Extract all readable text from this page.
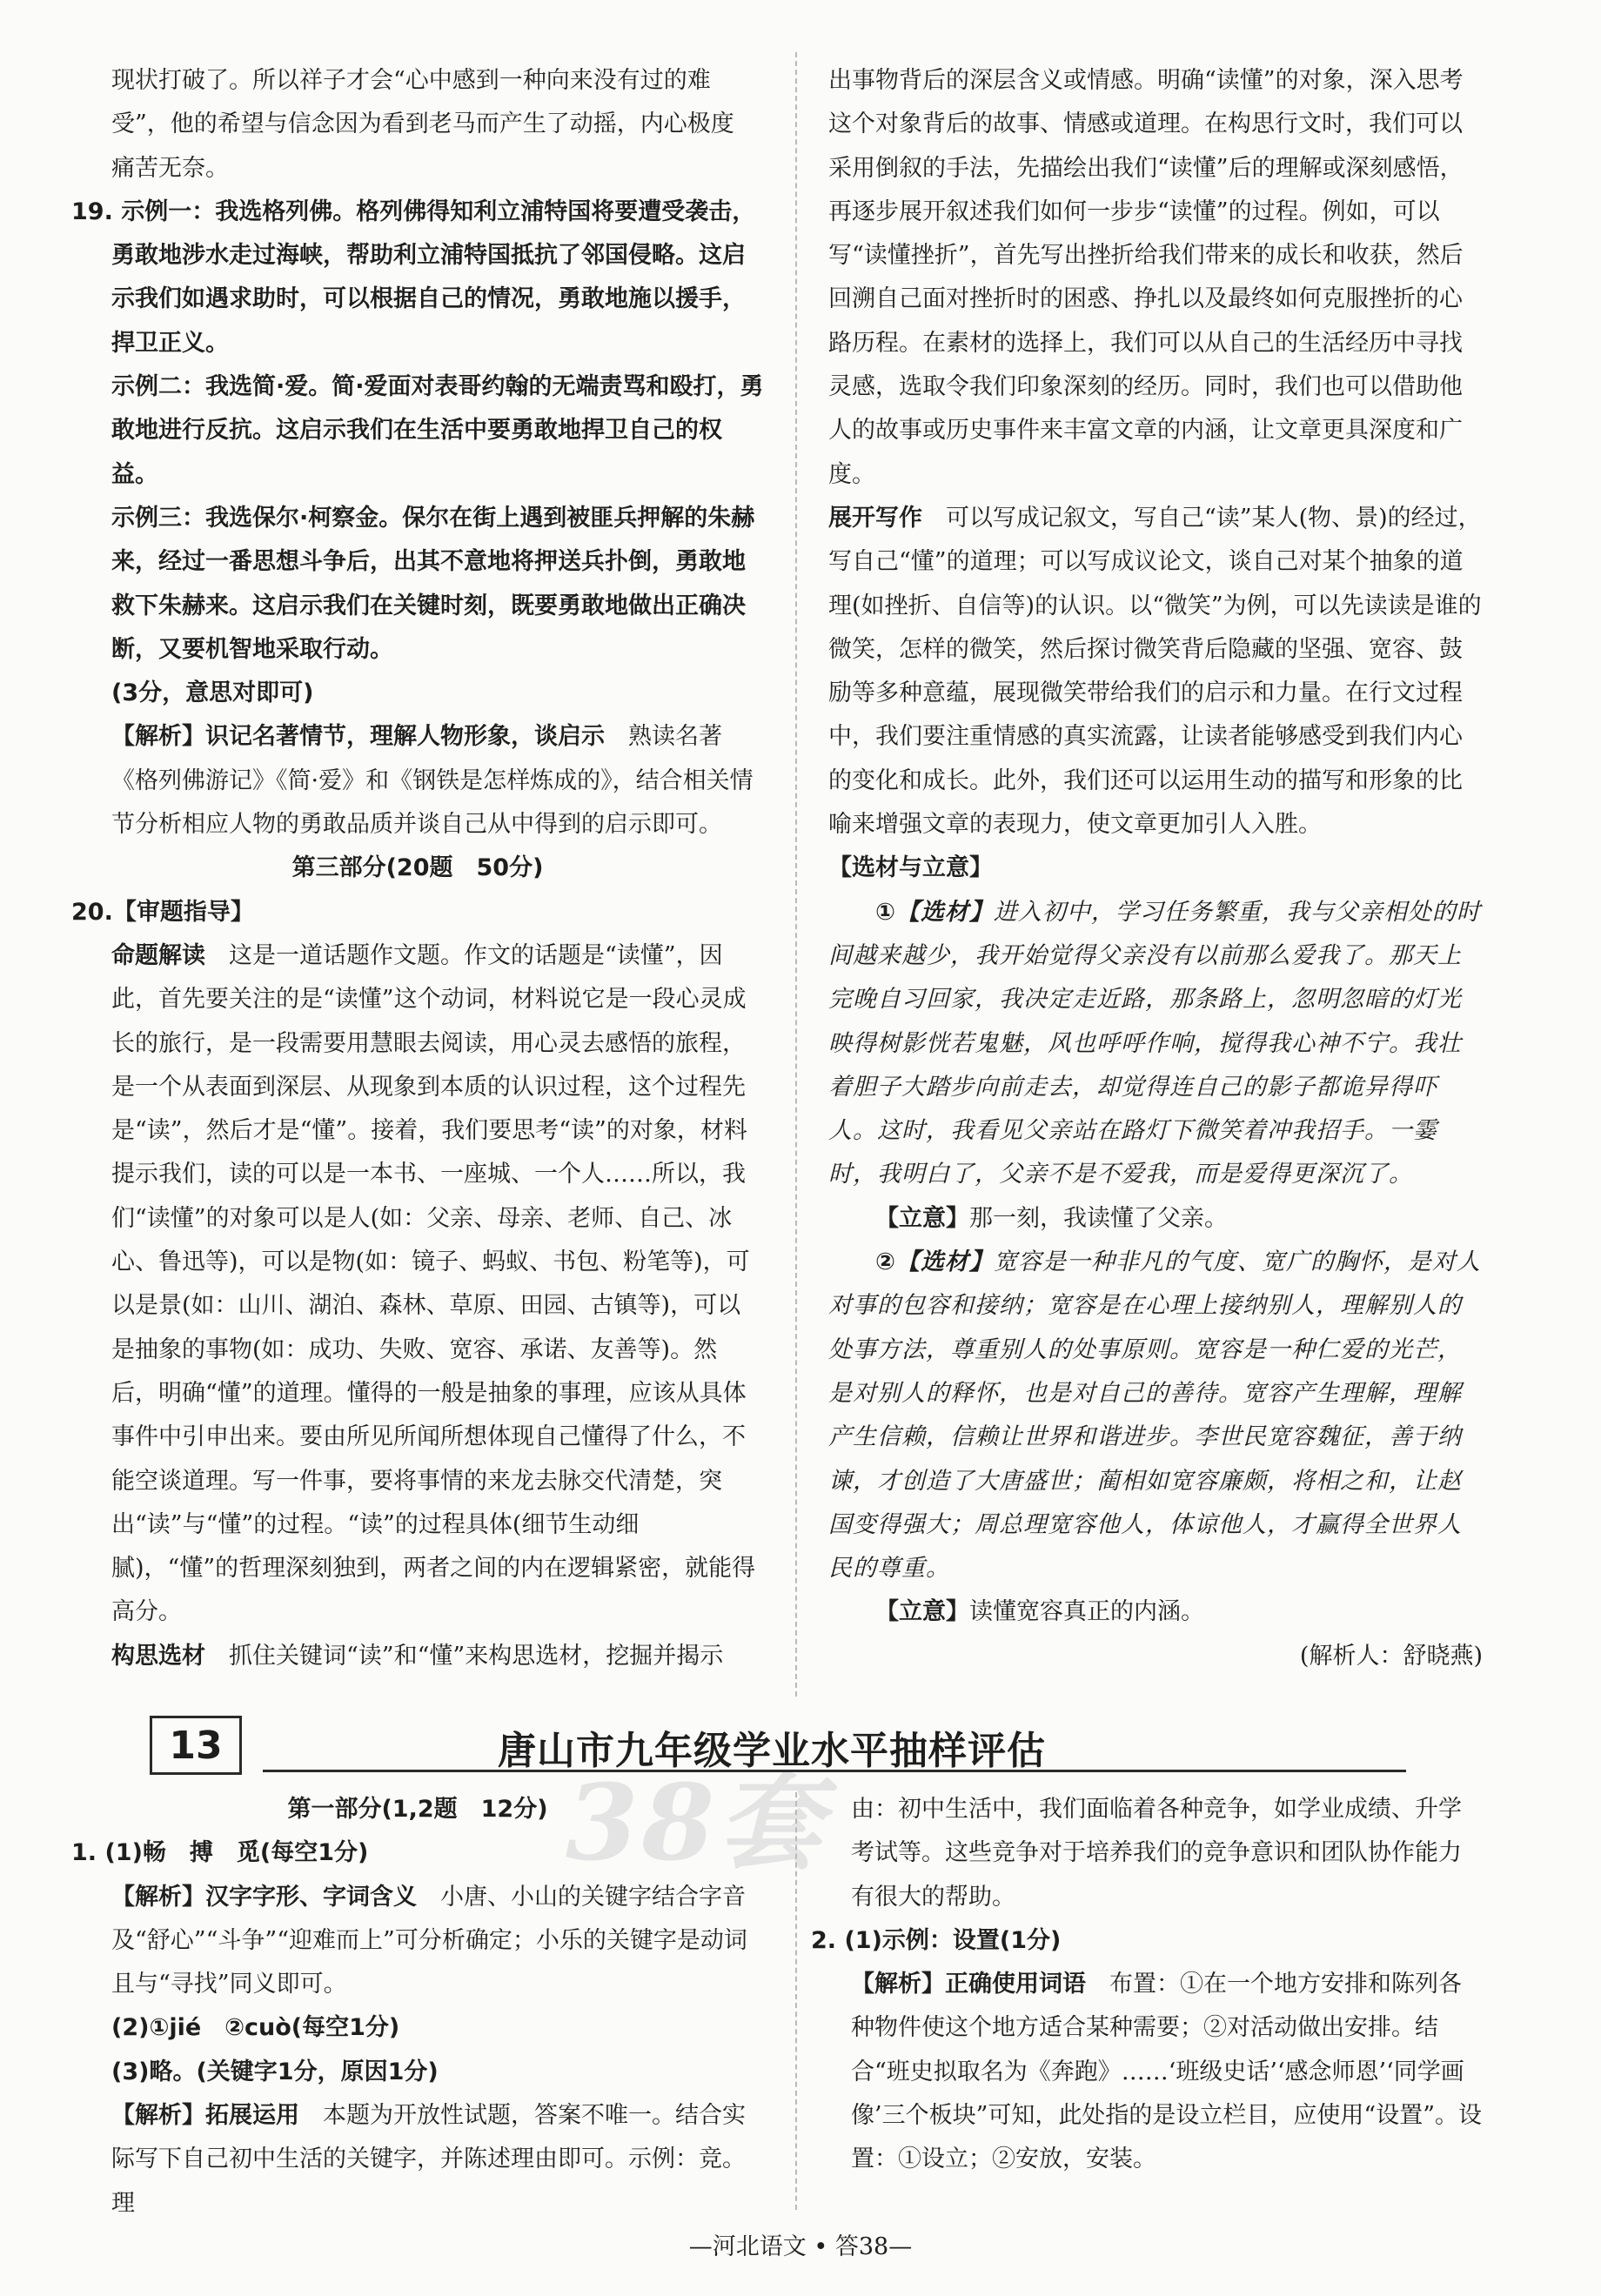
现状打破了。所以祥子才会“心中感到一种向来没有过的难

受”，他的希望与信念因为看到老马而产生了动摇，内心极度

痛苦无奈。

19. 示例一：我选格列佛。格列佛得知利立浦特国将要遭受袭击，勇敢地涉水走过海峡，帮助利立浦特国抵抗了邻国侵略。这启示我们如遇求助时，可以根据自己的情况，勇敢地施以援手，捍卫正义。

示例二：我选简·爱。简·爱面对表哥约翰的无端责骂和殴打，勇敢地进行反抗。这启示我们在生活中要勇敢地捍卫自己的权益。

示例三：我选保尔·柯察金。保尔在街上遇到被匪兵押解的朱赫来，经过一番思想斗争后，出其不意地将押送兵扑倒，勇敢地救下朱赫来。这启示我们在关键时刻，既要勇敢地做出正确决断，又要机智地采取行动。

(3分，意思对即可)

【解析】识记名著情节，理解人物形象，谈启示　熟读名著《格列佛游记》《简·爱》和《钢铁是怎样炼成的》，结合相关情节分析相应人物的勇敢品质并谈自己从中得到的启示即可。

第三部分(20题　50分)

20.【审题指导】

命题解读　这是一道话题作文题。作文的话题是“读懂”，因此，首先要关注的是“读懂”这个动词，材料说它是一段心灵成长的旅行，是一段需要用慧眼去阅读，用心灵去感悟的旅程，是一个从表面到深层、从现象到本质的认识过程，这个过程先是“读”，然后才是“懂”。接着，我们要思考“读”的对象，材料提示我们，读的可以是一本书、一座城、一个人……所以，我们“读懂”的对象可以是人(如：父亲、母亲、老师、自己、冰心、鲁迅等)，可以是物(如：镜子、蚂蚁、书包、粉笔等)，可以是景(如：山川、湖泊、森林、草原、田园、古镇等)，可以是抽象的事物(如：成功、失败、宽容、承诺、友善等)。然后，明确“懂”的道理。懂得的一般是抽象的事理，应该从具体事件中引申出来。要由所见所闻所想体现自己懂得了什么，不能空谈道理。写一件事，要将事情的来龙去脉交代清楚，突出“读”与“懂”的过程。“读”的过程具体(细节生动细腻)，“懂”的哲理深刻独到，两者之间的内在逻辑紧密，就能得高分。

构思选材　抓住关键词“读”和“懂”来构思选材，挖掘并揭示

出事物背后的深层含义或情感。明确“读懂”的对象，深入思考这个对象背后的故事、情感或道理。在构思行文时，我们可以采用倒叙的手法，先描绘出我们“读懂”后的理解或深刻感悟，再逐步展开叙述我们如何一步步“读懂”的过程。例如，可以写“读懂挫折”，首先写出挫折给我们带来的成长和收获，然后回溯自己面对挫折时的困惑、挣扎以及最终如何克服挫折的心路历程。在素材的选择上，我们可以从自己的生活经历中寻找灵感，选取令我们印象深刻的经历。同时，我们也可以借助他人的故事或历史事件来丰富文章的内涵，让文章更具深度和广度。

展开写作　可以写成记叙文，写自己“读”某人(物、景)的经过，写自己“懂”的道理；可以写成议论文，谈自己对某个抽象的道理(如挫折、自信等)的认识。以“微笑”为例，可以先读读是谁的微笑，怎样的微笑，然后探讨微笑背后隐藏的坚强、宽容、鼓励等多种意蕴，展现微笑带给我们的启示和力量。在行文过程中，我们要注重情感的真实流露，让读者能够感受到我们内心的变化和成长。此外，我们还可以运用生动的描写和形象的比喻来增强文章的表现力，使文章更加引人入胜。

【选材与立意】

①【选材】进入初中，学习任务繁重，我与父亲相处的时间越来越少，我开始觉得父亲没有以前那么爱我了。那天上完晚自习回家，我决定走近路，那条路上，忽明忽暗的灯光映得树影恍若鬼魅，风也呼呼作响，搅得我心神不宁。我壮着胆子大踏步向前走去，却觉得连自己的影子都诡异得吓人。这时，我看见父亲站在路灯下微笑着冲我招手。一霎时，我明白了，父亲不是不爱我，而是爱得更深沉了。

【立意】那一刻，我读懂了父亲。

②【选材】宽容是一种非凡的气度、宽广的胸怀，是对人对事的包容和接纳；宽容是在心理上接纳别人，理解别人的处事方法，尊重别人的处事原则。宽容是一种仁爱的光芒，是对别人的释怀，也是对自己的善待。宽容产生理解，理解产生信赖，信赖让世界和谐进步。李世民宽容魏征，善于纳谏，才创造了大唐盛世；蔺相如宽容廉颇，将相之和，让赵国变得强大；周总理宽容他人，体谅他人，才赢得全世界人民的尊重。

【立意】读懂宽容真正的内涵。

(解析人：舒晓燕)

38套
13	唐山市九年级学业水平抽样评估

第一部分(1,2题　12分)

1. (1)畅　搏　觅(每空1分)

【解析】汉字字形、字词含义　小唐、小山的关键字结合字音及“舒心”“斗争”“迎难而上”可分析确定；小乐的关键字是动词且与“寻找”同义即可。

(2)①jié　②cuò(每空1分)

(3)略。(关键字1分，原因1分)

【解析】拓展运用　本题为开放性试题，答案不唯一。结合实际写下自己初中生活的关键字，并陈述理由即可。示例：竞。理

由：初中生活中，我们面临着各种竞争，如学业成绩、升学考试等。这些竞争对于培养我们的竞争意识和团队协作能力有很大的帮助。

2. (1)示例：设置(1分)

【解析】正确使用词语　布置：①在一个地方安排和陈列各种物件使这个地方适合某种需要；②对活动做出安排。结合“班史拟取名为《奔跑》……‘班级史话’‘感念师恩’‘同学画像’三个板块”可知，此处指的是设立栏目，应使用“设置”。设置：①设立；②安放，安装。

—河北语文 • 答38—
